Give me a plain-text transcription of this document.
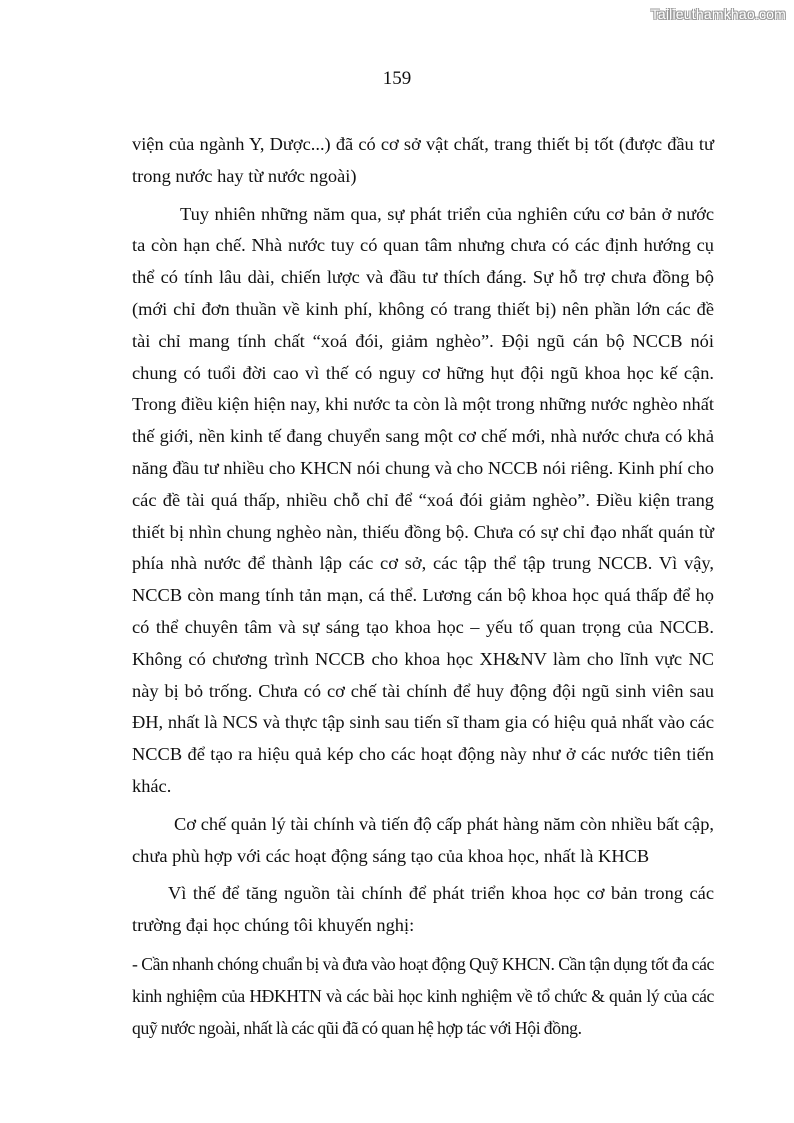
Tailieuthamkhao.com
159

viện của ngành Y, Dược...) đã có cơ sở vật chất, trang thiết bị tốt (được đầu tư trong nước hay từ nước ngoài)

Tuy nhiên những năm qua, sự phát triển của nghiên cứu cơ bản ở nước ta còn hạn chế. Nhà nước tuy có quan tâm nhưng chưa có các định hướng cụ thể có tính lâu dài, chiến lược và đầu tư thích đáng. Sự hỗ trợ chưa đồng bộ (mới chỉ đơn thuần về kinh phí, không có trang thiết bị) nên phần lớn các đề tài chỉ mang tính chất “xoá đói, giảm nghèo”. Đội ngũ cán bộ NCCB nói chung có tuổi đời cao vì thế có nguy cơ hững hụt đội ngũ khoa học kế cận. Trong điều kiện hiện nay, khi nước ta còn là một trong những nước nghèo nhất thế giới, nền kinh tế đang chuyển sang một cơ chế mới, nhà nước chưa có khả năng đầu tư nhiều cho KHCN nói chung và cho NCCB nói riêng. Kinh phí cho các đề tài quá thấp, nhiều chỗ chỉ để “xoá đói giảm nghèo”. Điều kiện trang thiết bị nhìn chung nghèo nàn, thiếu đồng bộ. Chưa có sự chỉ đạo nhất quán từ phía nhà nước để thành lập các cơ sở, các tập thể tập trung NCCB. Vì vậy, NCCB còn mang tính tản mạn, cá thể. Lương cán bộ khoa học quá thấp để họ có thể chuyên tâm và sự sáng tạo khoa học – yếu tố quan trọng của NCCB. Không có chương trình NCCB cho khoa học XH&NV làm cho lĩnh vực NC này bị bỏ trống. Chưa có cơ chế tài chính để huy động đội ngũ sinh viên sau ĐH, nhất là NCS và thực tập sinh sau tiến sĩ tham gia có hiệu quả nhất vào các NCCB để tạo ra hiệu quả kép cho các hoạt động này như ở các nước tiên tiến khác.

Cơ chế quản lý tài chính và tiến độ cấp phát hàng năm còn nhiều bất cập, chưa phù hợp với các hoạt động sáng tạo của khoa học, nhất là KHCB

Vì thế để tăng nguồn tài chính để phát triển khoa học cơ bản trong các trường đại học chúng tôi khuyến nghị:

- Cần nhanh chóng chuẩn bị và đưa vào hoạt động Quỹ KHCN. Cần tận dụng tốt đa các kinh nghiệm của HĐKHTN và các bài học kinh nghiệm về tổ chức & quản lý của các quỹ nước ngoài, nhất là các qũi đã có quan hệ hợp tác với Hội đồng.
